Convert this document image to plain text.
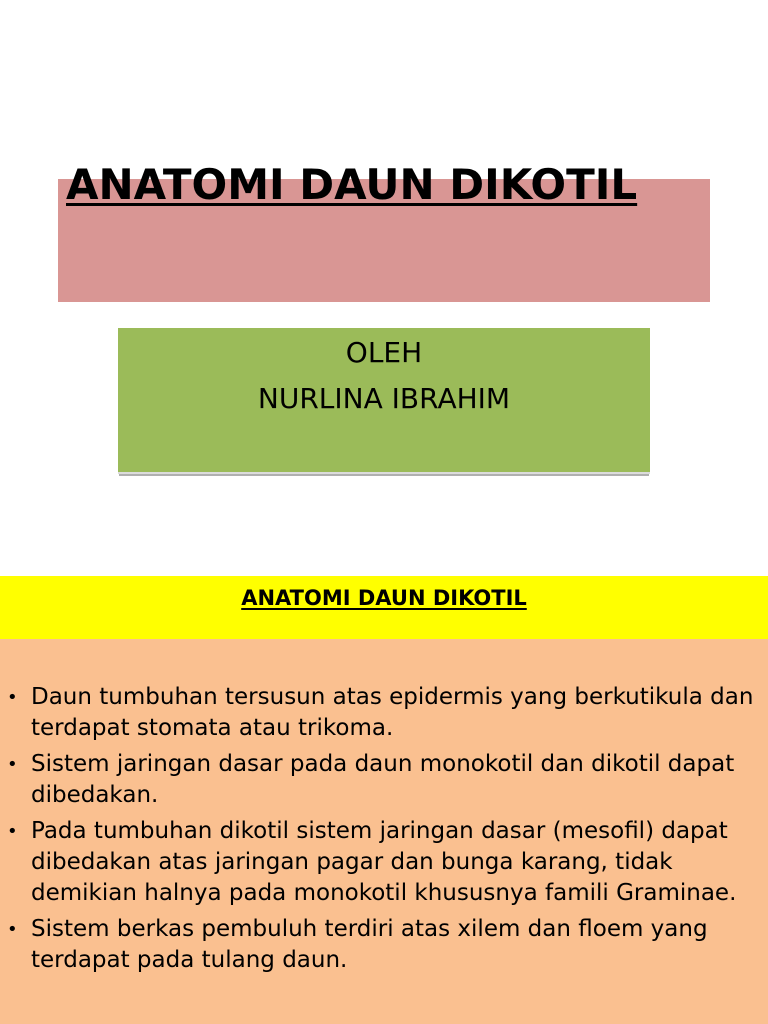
ANATOMI DAUN DIKOTIL
OLEH
NURLINA IBRAHIM
ANATOMI DAUN DIKOTIL
• Daun tumbuhan tersusun atas epidermis yang berkutikula dan terdapat stomata atau trikoma.
• Sistem jaringan dasar pada daun monokotil dan dikotil dapat dibedakan.
• Pada tumbuhan dikotil sistem jaringan dasar (mesofil) dapat dibedakan atas jaringan pagar dan bunga karang, tidak demikian halnya pada monokotil khususnya famili Graminae.
• Sistem berkas pembuluh terdiri atas xilem dan floem yang terdapat pada tulang daun.
